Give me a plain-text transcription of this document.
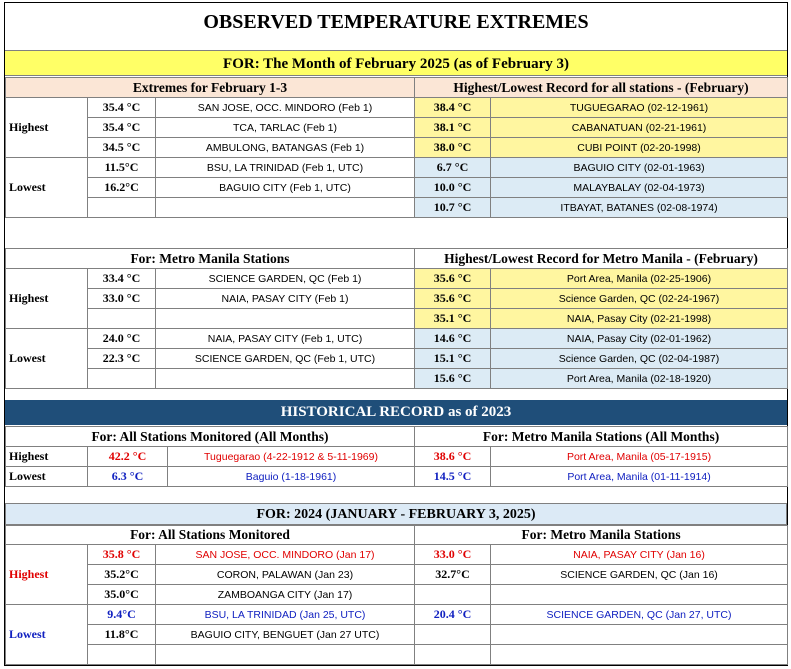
OBSERVED TEMPERATURE EXTREMES
FOR: The Month of February 2025 (as of February 3)
Extremes for February 1-3			Highest/Lowest Record for all stations - (February)	
Highest	35.4 °C	SAN JOSE, OCC. MINDORO (Feb 1)	38.4 °C	TUGUEGARAO (02-12-1961)
	35.4 °C	TCA, TARLAC (Feb 1)	38.1 °C	CABANATUAN (02-21-1961)
	34.5 °C	AMBULONG, BATANGAS (Feb 1)	38.0 °C	CUBI POINT (02-20-1998)
Lowest	11.5°C	BSU, LA TRINIDAD (Feb 1, UTC)	6.7 °C	BAGUIO CITY (02-01-1963)
	16.2°C	BAGUIO CITY (Feb 1, UTC)	10.0 °C	MALAYBALAY (02-04-1973)
			10.7 °C	ITBAYAT, BATANES (02-08-1974)
For: Metro Manila Stations			Highest/Lowest Record for Metro Manila - (February)	
Highest	33.4 °C	SCIENCE GARDEN, QC (Feb 1)	35.6 °C	Port Area, Manila (02-25-1906)
	33.0 °C	NAIA, PASAY CITY (Feb 1)	35.6 °C	Science Garden, QC (02-24-1967)
			35.1 °C	NAIA, Pasay City (02-21-1998)
Lowest	24.0 °C	NAIA, PASAY CITY (Feb 1, UTC)	14.6 °C	NAIA, Pasay City (02-01-1962)
	22.3 °C	SCIENCE GARDEN, QC (Feb 1, UTC)	15.1 °C	Science Garden, QC (02-04-1987)
			15.6 °C	Port Area, Manila (02-18-1920)
HISTORICAL RECORD as of 2023
For: All Stations Monitored (All Months)			For: Metro Manila Stations (All Months)	
Highest	42.2 °C	Tuguegarao (4-22-1912 & 5-11-1969)	38.6 °C	Port Area, Manila (05-17-1915)
Lowest	6.3 °C	Baguio (1-18-1961)	14.5 °C	Port Area, Manila (01-11-1914)
FOR: 2024 (JANUARY - FEBRUARY 3, 2025)
For: All Stations Monitored			For: Metro Manila Stations	
Highest	35.8 °C	SAN JOSE, OCC. MINDORO (Jan 17)	33.0 °C	NAIA, PASAY CITY (Jan 16)
	35.2°C	CORON, PALAWAN (Jan 23)	32.7°C	SCIENCE GARDEN, QC (Jan 16)
	35.0°C	ZAMBOANGA CITY (Jan 17)		
Lowest	9.4°C	BSU, LA TRINIDAD (Jan 25, UTC)	20.4 °C	SCIENCE GARDEN, QC (Jan 27, UTC)
	11.8°C	BAGUIO CITY, BENGUET (Jan 27 UTC)		
